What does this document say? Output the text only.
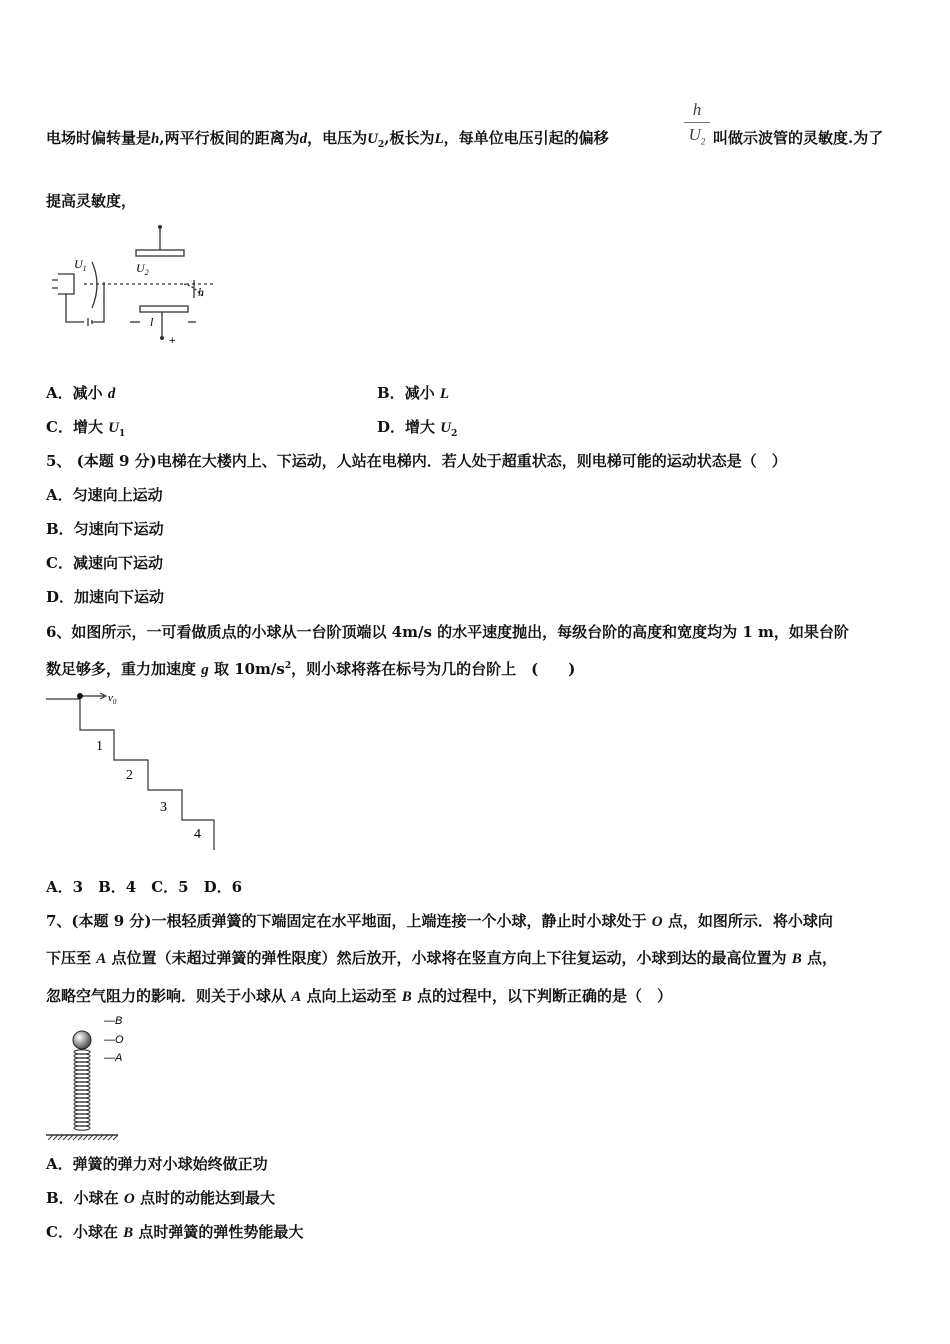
电场时偏转量是h,两平行板间的距离为d，电压为$U_2$,板长为L，每单位电压引起的偏移
h
$U_2$ 叫做示波管的灵敏度.为了
提高灵敏度，
$U_1$	$U_2$
h
l
+
A．减小 d	B．减小 L
C．增大 $U_1$	D．增大 $U_2$
5、 (本题 9 分)电梯在大楼内上、下运动，人站在电梯内．若人处于超重状态，则电梯可能的运动状态是（　）
A．匀速向上运动
B．匀速向下运动
C．减速向下运动
D．加速向下运动
6、如图所示，一可看做质点的小球从一台阶顶端以 4m/s 的水平速度抛出，每级台阶的高度和宽度均为 1 m，如果台阶
数足够多，重力加速度 g 取 $10m/s^2$，则小球将落在标号为几的台阶上　(　　)
$v_0$
1
2
3
4
A．3　B．4　C．5　D．6
7、(本题 9 分)一根轻质弹簧的下端固定在水平地面，上端连接一个小球，静止时小球处于 O 点，如图所示．将小球向
下压至 A 点位置（未超过弹簧的弹性限度）然后放开，小球将在竖直方向上下往复运动，小球到达的最高位置为 B 点，
忽略空气阻力的影响．则关于小球从 A 点向上运动至 B 点的过程中，以下判断正确的是（　）
—B
—O
—A
A．弹簧的弹力对小球始终做正功
B．小球在 O 点时的动能达到最大
C．小球在 B 点时弹簧的弹性势能最大
